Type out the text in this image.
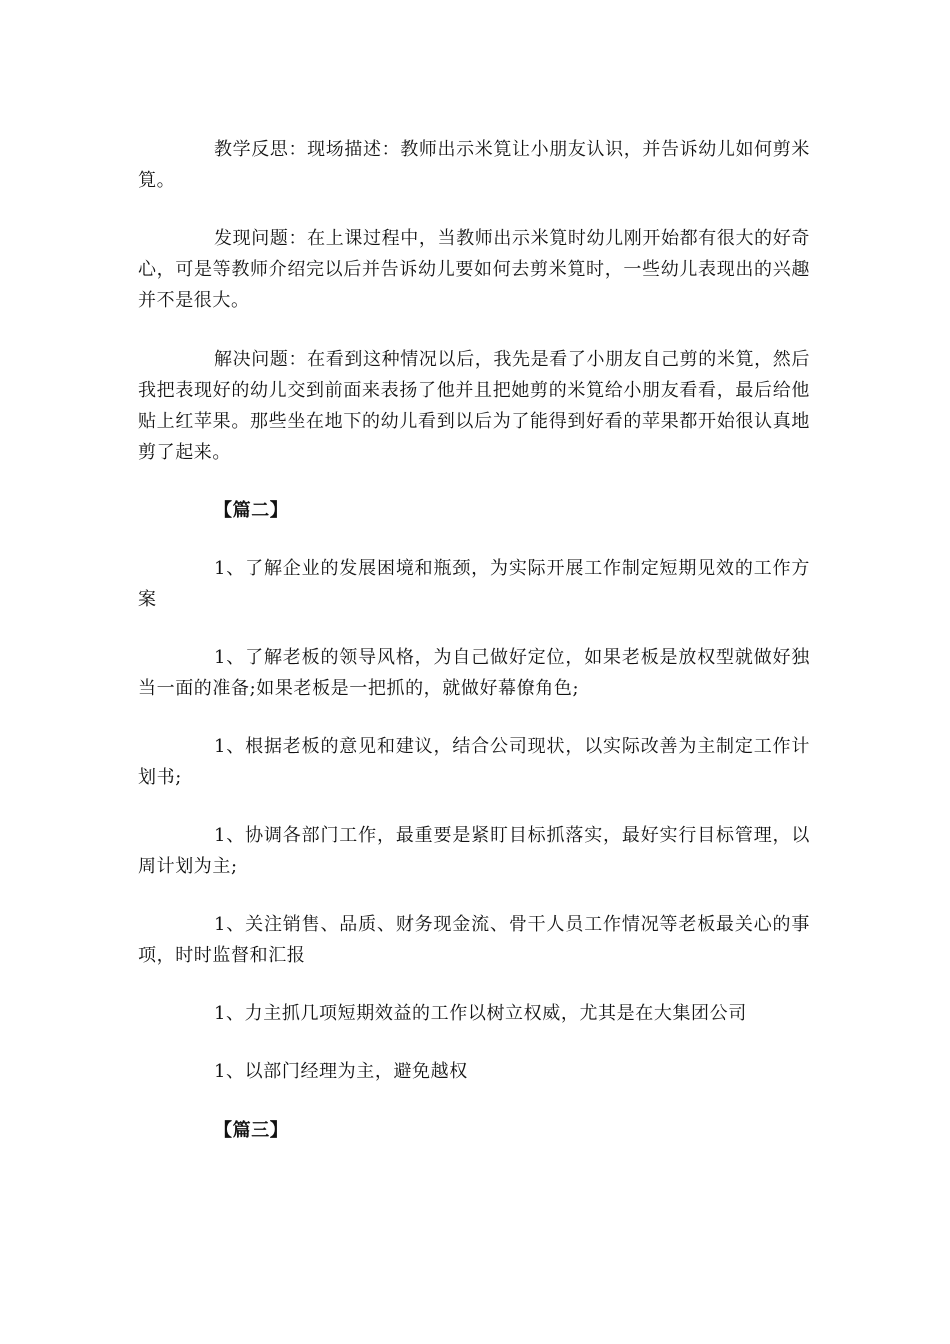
教学反思：现场描述：教师出示米筧让小朋友认识，并告诉幼儿如何剪米筧。

发现问题：在上课过程中，当教师出示米筧时幼儿刚开始都有很大的好奇心，可是等教师介绍完以后并告诉幼儿要如何去剪米筧时，一些幼儿表现出的兴趣并不是很大。

解决问题：在看到这种情况以后，我先是看了小朋友自己剪的米筧，然后我把表现好的幼儿交到前面来表扬了他并且把她剪的米筧给小朋友看看，最后给他贴上红苹果。那些坐在地下的幼儿看到以后为了能得到好看的苹果都开始很认真地剪了起来。

【篇二】

1、了解企业的发展困境和瓶颈，为实际开展工作制定短期见效的工作方案

1、了解老板的领导风格，为自己做好定位，如果老板是放权型就做好独当一面的准备;如果老板是一把抓的，就做好幕僚角色;

1、根据老板的意见和建议，结合公司现状，以实际改善为主制定工作计划书;

1、协调各部门工作，最重要是紧盯目标抓落实，最好实行目标管理，以周计划为主;

1、关注销售、品质、财务现金流、骨干人员工作情况等老板最关心的事项，时时监督和汇报

1、力主抓几项短期效益的工作以树立权威，尤其是在大集团公司

1、以部门经理为主，避免越权

【篇三】
